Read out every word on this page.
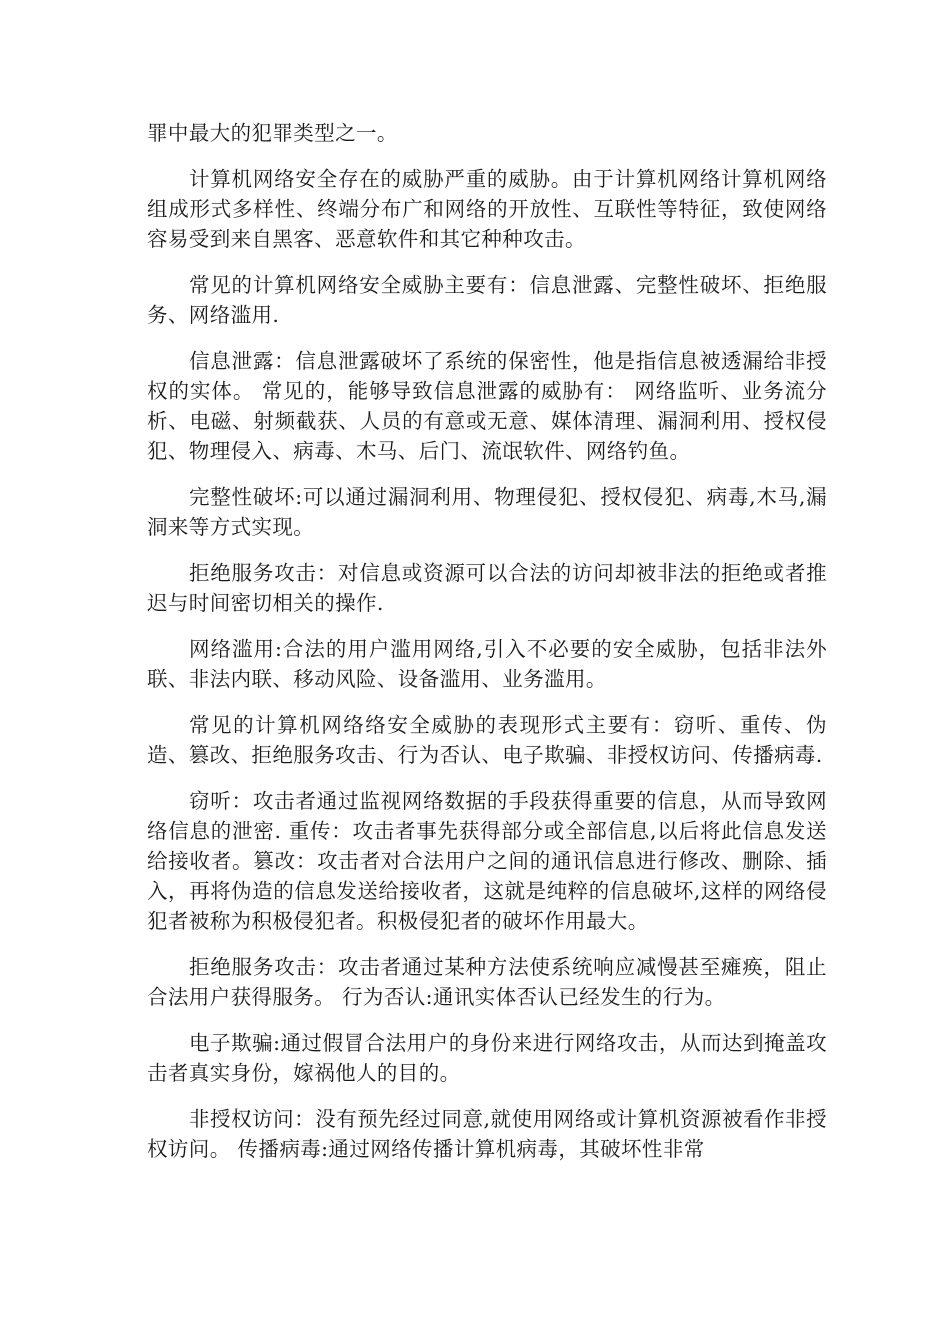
罪中最大的犯罪类型之一。

计算机网络安全存在的威胁严重的威胁。由于计算机网络计算机网络组成形式多样性、终端分布广和网络的开放性、互联性等特征，致使网络容易受到来自黑客、恶意软件和其它种种攻击。

常见的计算机网络安全威胁主要有：信息泄露、完整性破坏、拒绝服务、网络滥用.

信息泄露：信息泄露破坏了系统的保密性，他是指信息被透漏给非授权的实体。 常见的，能够导致信息泄露的威胁有： 网络监听、业务流分析、电磁、射频截获、人员的有意或无意、媒体清理、漏洞利用、授权侵犯、物理侵入、病毒、木马、后门、流氓软件、网络钓鱼。

完整性破坏:可以通过漏洞利用、物理侵犯、授权侵犯、病毒,木马,漏洞来等方式实现。

拒绝服务攻击：对信息或资源可以合法的访问却被非法的拒绝或者推迟与时间密切相关的操作.

网络滥用:合法的用户滥用网络,引入不必要的安全威胁，包括非法外联、非法内联、移动风险、设备滥用、业务滥用。

常见的计算机网络络安全威胁的表现形式主要有：窃听、重传、伪造、篡改、拒绝服务攻击、行为否认、电子欺骗、非授权访问、传播病毒.

窃听：攻击者通过监视网络数据的手段获得重要的信息，从而导致网络信息的泄密. 重传：攻击者事先获得部分或全部信息,以后将此信息发送给接收者。篡改：攻击者对合法用户之间的通讯信息进行修改、删除、插入，再将伪造的信息发送给接收者，这就是纯粹的信息破坏,这样的网络侵犯者被称为积极侵犯者。积极侵犯者的破坏作用最大。

拒绝服务攻击：攻击者通过某种方法使系统响应减慢甚至瘫痪，阻止合法用户获得服务。 行为否认:通讯实体否认已经发生的行为。

电子欺骗:通过假冒合法用户的身份来进行网络攻击，从而达到掩盖攻击者真实身份，嫁祸他人的目的。

非授权访问：没有预先经过同意,就使用网络或计算机资源被看作非授权访问。 传播病毒:通过网络传播计算机病毒，其破坏性非常
